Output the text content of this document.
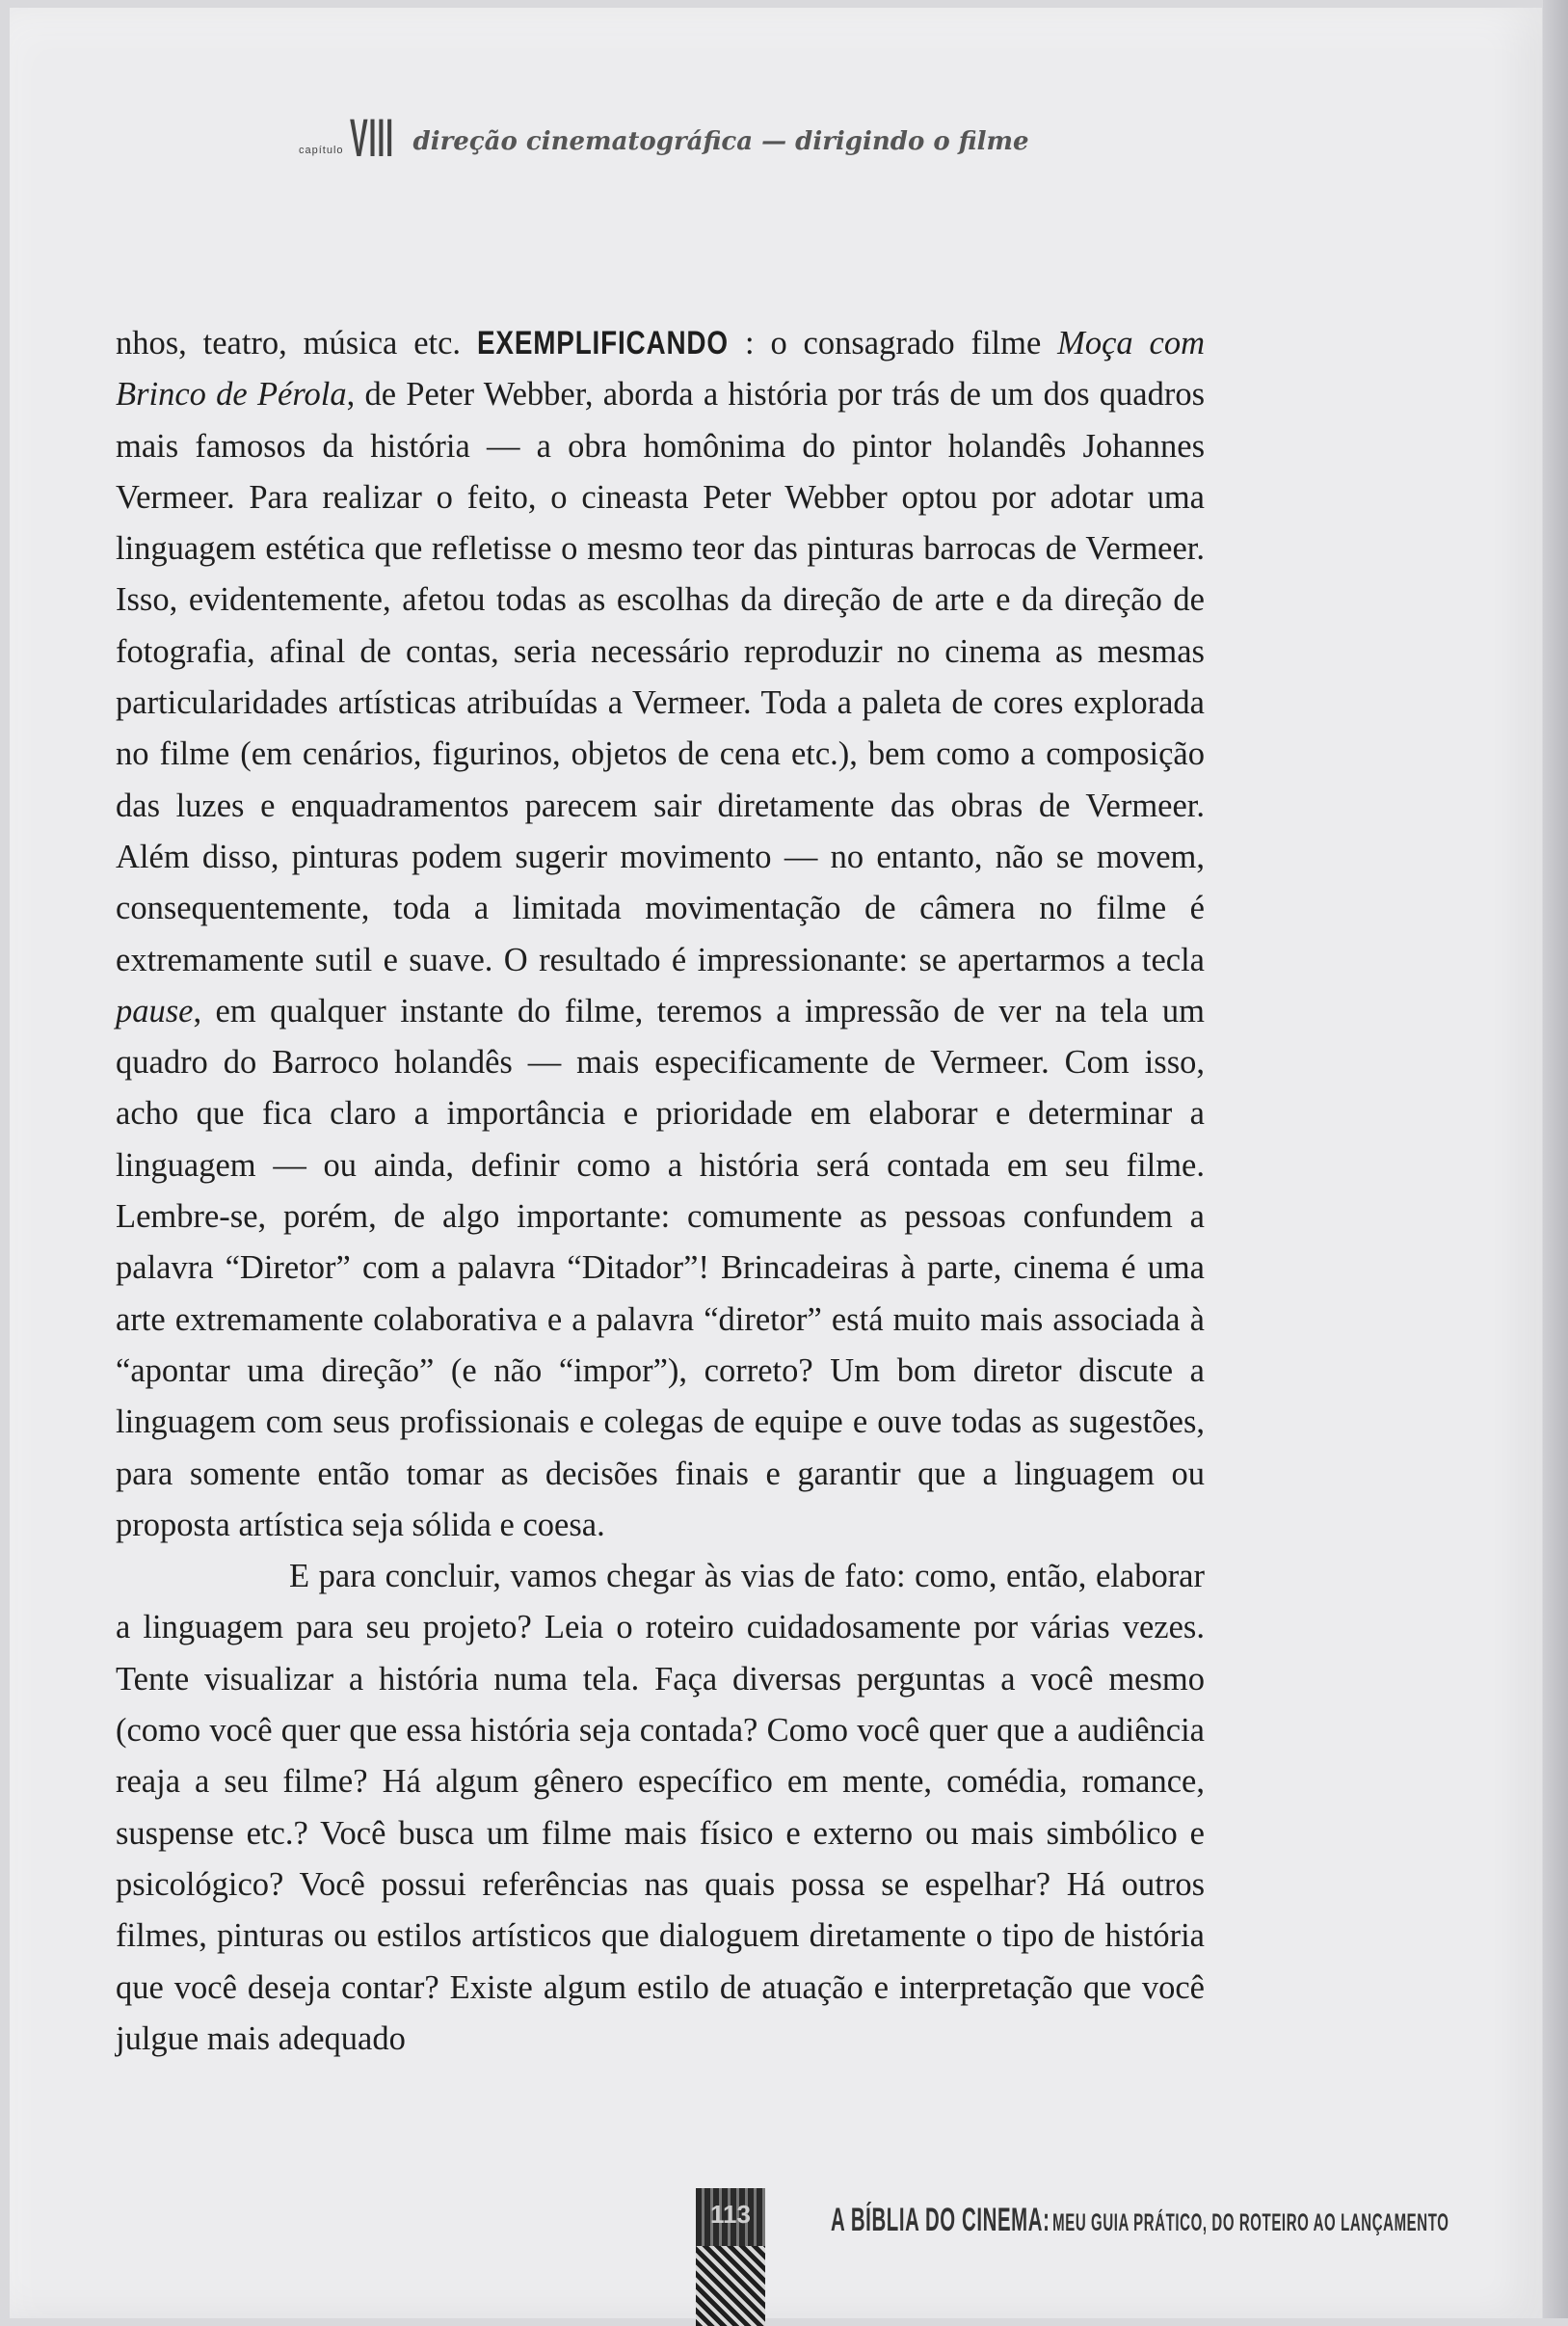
capítulo VIII direção cinematográfica — dirigindo o filme

nhos, teatro, música etc. EXEMPLIFICANDO : o consagrado filme Moça com Brinco de Pérola, de Peter Webber, aborda a história por trás de um dos quadros mais famosos da história — a obra homônima do pintor holandês Johannes Vermeer. Para realizar o feito, o cineasta Peter Webber optou por adotar uma linguagem estética que refletisse o mesmo teor das pinturas barrocas de Vermeer. Isso, evidentemente, afetou todas as escolhas da direção de arte e da direção de fotografia, afinal de contas, seria necessário reproduzir no cinema as mesmas particularidades artísticas atribuídas a Vermeer. Toda a paleta de cores explorada no filme (em cenários, figurinos, objetos de cena etc.), bem como a composição das luzes e enquadramentos parecem sair diretamente das obras de Vermeer. Além disso, pinturas podem sugerir movimento — no entanto, não se movem, consequentemente, toda a limitada movimentação de câmera no filme é extremamente sutil e suave. O resultado é impressionante: se apertarmos a tecla pause, em qualquer instante do filme, teremos a impressão de ver na tela um quadro do Barroco holandês — mais especificamente de Vermeer. Com isso, acho que fica claro a importância e prioridade em elaborar e determinar a linguagem — ou ainda, definir como a história será contada em seu filme. Lembre-se, porém, de algo importante: comumente as pessoas confundem a palavra “Diretor” com a palavra “Ditador”! Brincadeiras à parte, cinema é uma arte extremamente colaborativa e a palavra “diretor” está muito mais associada à “apontar uma direção” (e não “impor”), correto? Um bom diretor discute a linguagem com seus profissionais e colegas de equipe e ouve todas as sugestões, para somente então tomar as decisões finais e garantir que a linguagem ou proposta artística seja sólida e coesa.

E para concluir, vamos chegar às vias de fato: como, então, elaborar a linguagem para seu projeto? Leia o roteiro cuidadosamente por várias vezes. Tente visualizar a história numa tela. Faça diversas perguntas a você mesmo (como você quer que essa história seja contada? Como você quer que a audiência reaja a seu filme? Há algum gênero específico em mente, comédia, romance, suspense etc.? Você busca um filme mais físico e externo ou mais simbólico e psicológico? Você possui referências nas quais possa se espelhar? Há outros filmes, pinturas ou estilos artísticos que dialoguem diretamente o tipo de história que você deseja contar? Existe algum estilo de atuação e interpretação que você julgue mais adequado

113	A BÍBLIA DO CINEMA: MEU GUIA PRÁTICO, DO ROTEIRO AO LANÇAMENTO
